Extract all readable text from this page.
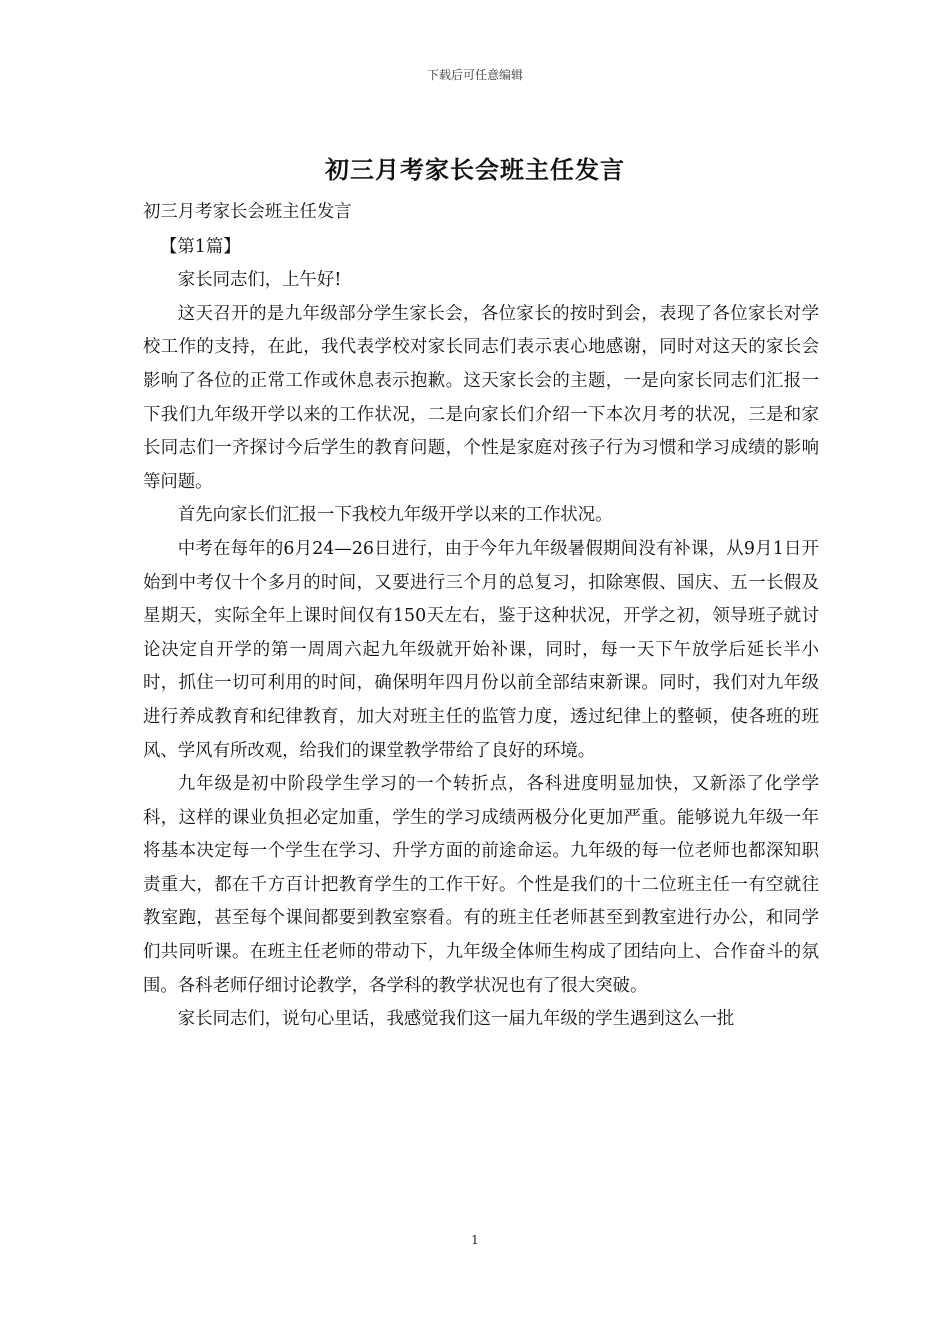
下载后可任意编辑
初三月考家长会班主任发言

初三月考家长会班主任发言

【第1篇】

家长同志们，上午好!

这天召开的是九年级部分学生家长会，各位家长的按时到会，表现了各位家长对学校工作的支持，在此，我代表学校对家长同志们表示衷心地感谢，同时对这天的家长会影响了各位的正常工作或休息表示抱歉。这天家长会的主题，一是向家长同志们汇报一下我们九年级开学以来的工作状况，二是向家长们介绍一下本次月考的状况，三是和家长同志们一齐探讨今后学生的教育问题，个性是家庭对孩子行为习惯和学习成绩的影响等问题。

首先向家长们汇报一下我校九年级开学以来的工作状况。

中考在每年的6月24—26日进行，由于今年九年级暑假期间没有补课，从9月1日开始到中考仅十个多月的时间，又要进行三个月的总复习，扣除寒假、国庆、五一长假及星期天，实际全年上课时间仅有150天左右，鉴于这种状况，开学之初，领导班子就讨论决定自开学的第一周周六起九年级就开始补课，同时，每一天下午放学后延长半小时，抓住一切可利用的时间，确保明年四月份以前全部结束新课。同时，我们对九年级进行养成教育和纪律教育，加大对班主任的监管力度，透过纪律上的整顿，使各班的班风、学风有所改观，给我们的课堂教学带给了良好的环境。

九年级是初中阶段学生学习的一个转折点，各科进度明显加快，又新添了化学学科，这样的课业负担必定加重，学生的学习成绩两极分化更加严重。能够说九年级一年将基本决定每一个学生在学习、升学方面的前途命运。九年级的每一位老师也都深知职责重大，都在千方百计把教育学生的工作干好。个性是我们的十二位班主任一有空就往教室跑，甚至每个课间都要到教室察看。有的班主任老师甚至到教室进行办公，和同学们共同听课。在班主任老师的带动下，九年级全体师生构成了团结向上、合作奋斗的氛围。各科老师仔细讨论教学，各学科的教学状况也有了很大突破。

家长同志们，说句心里话，我感觉我们这一届九年级的学生遇到这么一批

1
